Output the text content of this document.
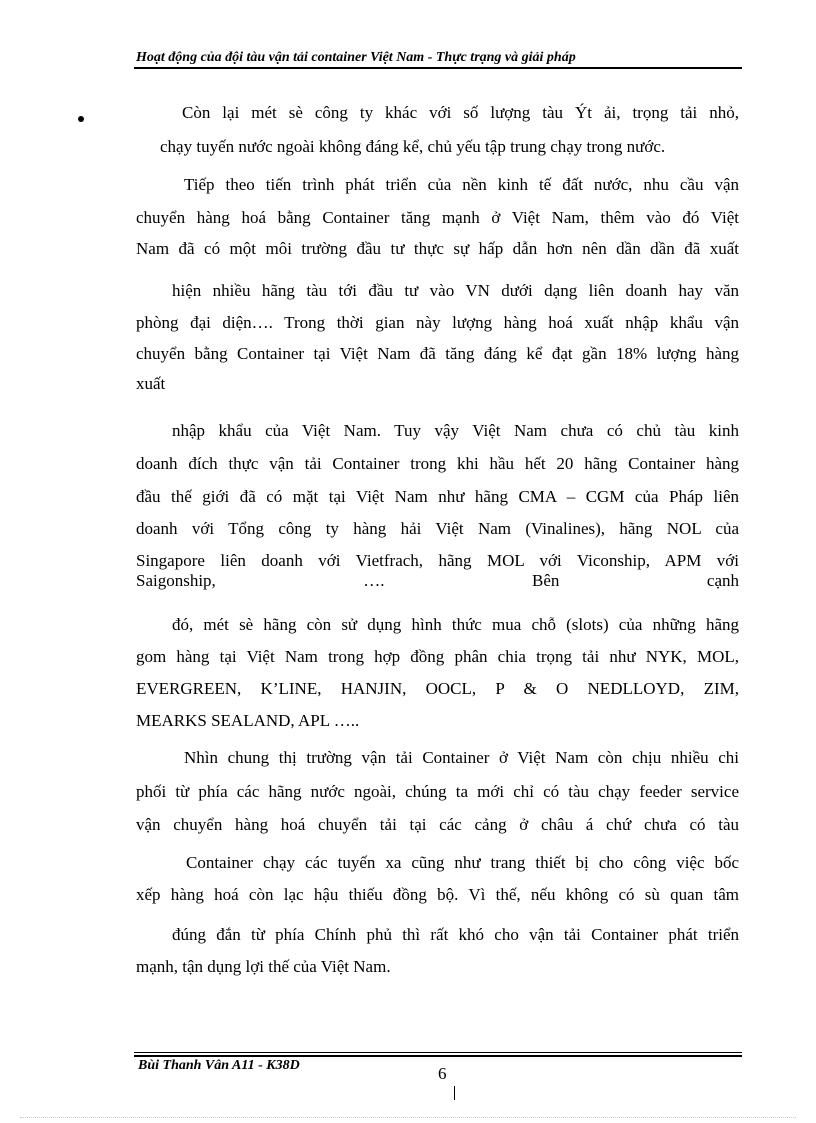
Hoạt động của đội tàu vận tải container Việt Nam - Thực trạng và giải pháp
Còn lại mét sè công ty khác với số lượng tàu Ýt ải, trọng tải nhỏ,
chạy tuyến nước ngoài không đáng kể, chủ yếu tập trung chạy trong nước.
Tiếp theo tiến trình phát triển của nền kinh tế đất nước, nhu cầu vận
chuyển hàng hoá bằng Container tăng mạnh ở Việt Nam, thêm vào đó Việt
Nam đã có một môi trường đầu tư thực sự hấp dẫn hơn nên dần dần đã xuất
hiện nhiều hãng tàu tới đầu tư vào VN dưới dạng liên doanh hay văn
phòng đại diện…. Trong thời gian này lượng hàng hoá xuất nhập khẩu vận
chuyển bằng Container tại Việt Nam đã tăng đáng kể đạt gần 18% lượng hàng
xuất
nhập khẩu của Việt Nam. Tuy vậy Việt Nam chưa có chủ tàu kinh
doanh đích thực vận tải Container trong khi hầu hết 20 hãng Container hàng
đầu thế giới đã có mặt tại Việt Nam như hãng CMA – CGM của Pháp liên
doanh với Tổng công ty hàng hải Việt Nam (Vinalines), hãng NOL của
Singapore liên doanh với Vietfrach, hãng MOL với Viconship, APM với
Saigonship, …. Bên cạnh
đó, mét sè hãng còn sử dụng hình thức mua chỗ (slots) của những hãng
gom hàng tại Việt Nam trong hợp đồng phân chia trọng tải như NYK, MOL,
EVERGREEN, K’LINE, HANJIN, OOCL, P & O NEDLLOYD, ZIM,
MEARKS SEALAND, APL …..
Nhìn chung thị trường vận tải Container ở Việt Nam còn chịu nhiều chi
phối từ phía các hãng nước ngoài, chúng ta mới chỉ có tàu chạy feeder service
vận chuyển hàng hoá chuyển tải tại các cảng ở châu á chứ chưa có tàu
Container chạy các tuyến xa cũng như trang thiết bị cho công việc bốc
xếp hàng hoá còn lạc hậu thiếu đồng bộ. Vì thế, nếu không có sù quan tâm
đúng đắn từ phía Chính phủ thì rất khó cho vận tải Container phát triển
mạnh, tận dụng lợi thế của Việt Nam.
Bùi Thanh Vân A11 - K38D	6
